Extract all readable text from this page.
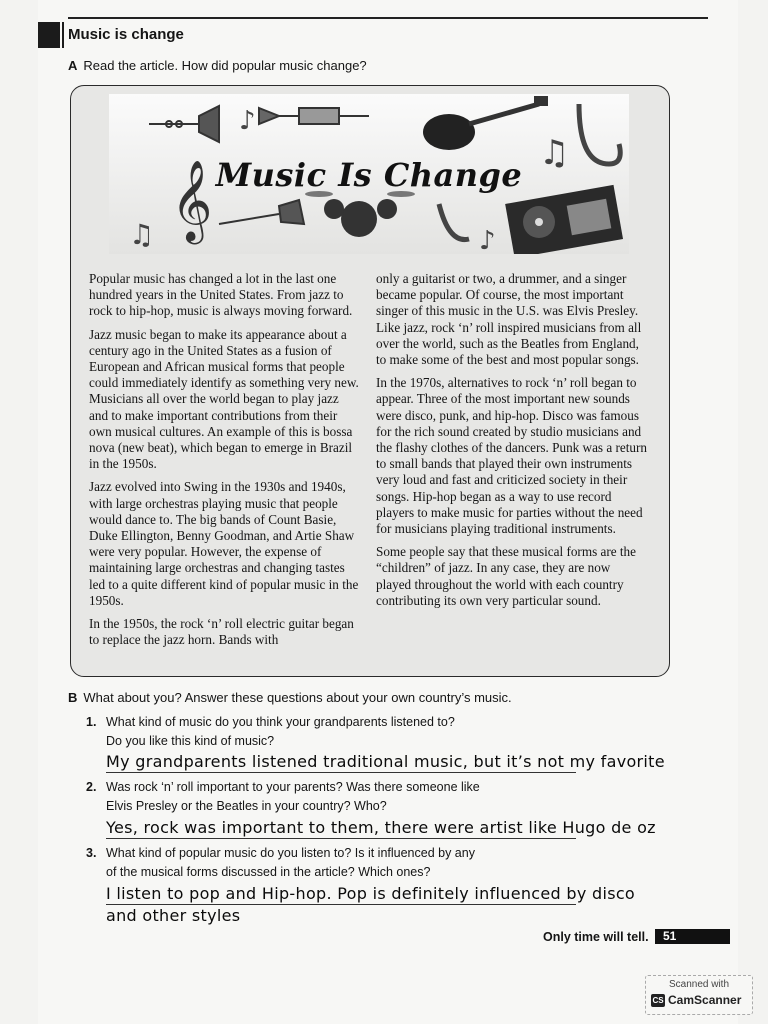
Music is change
A Read the article. How did popular music change?
𝄞
♪
♫
♫	♪
Music Is Change

Popular music has changed a lot in the last one hundred years in the United States. From jazz to rock to hip-hop, music is always moving forward.

Jazz music began to make its appearance about a century ago in the United States as a fusion of European and African musical forms that people could immediately identify as something very new. Musicians all over the world began to play jazz and to make important contributions from their own musical cultures. An example of this is bossa nova (new beat), which began to emerge in Brazil in the 1950s.

Jazz evolved into Swing in the 1930s and 1940s, with large orchestras playing music that people would dance to. The big bands of Count Basie, Duke Ellington, Benny Goodman, and Artie Shaw were very popular. However, the expense of maintaining large orchestras and changing tastes led to a quite different kind of popular music in the 1950s.

In the 1950s, the rock ‘n’ roll electric guitar began to replace the jazz horn. Bands with

only a guitarist or two, a drummer, and a singer became popular. Of course, the most important singer of this music in the U.S. was Elvis Presley. Like jazz, rock ‘n’ roll inspired musicians from all over the world, such as the Beatles from England, to make some of the best and most popular songs.

In the 1970s, alternatives to rock ‘n’ roll began to appear. Three of the most important new sounds were disco, punk, and hip-hop. Disco was famous for the rich sound created by studio musicians and the flashy clothes of the dancers. Punk was a return to small bands that played their own instruments very loud and fast and criticized society in their songs. Hip-hop began as a way to use record players to make music for parties without the need for musicians playing traditional instruments.

Some people say that these musical forms are the “children” of jazz. In any case, they are now played throughout the world with each country contributing its own very particular sound.

B What about you? Answer these questions about your own country’s music.
1. What kind of music do you think your grandparents listened to?
Do you like this kind of music?
My grandparents listened traditional music, but it’s not my favorite
2. Was rock ‘n’ roll important to your parents? Was there someone like
Elvis Presley or the Beatles in your country? Who?
Yes, rock was important to them, there were artist like Hugo de oz
3. What kind of popular music do you listen to? Is it influenced by any
of the musical forms discussed in the article? Which ones?
I listen to pop and Hip-hop. Pop is definitely influenced by disco
and other styles
Only time will tell.	51
Scanned with
CS CamScanner
